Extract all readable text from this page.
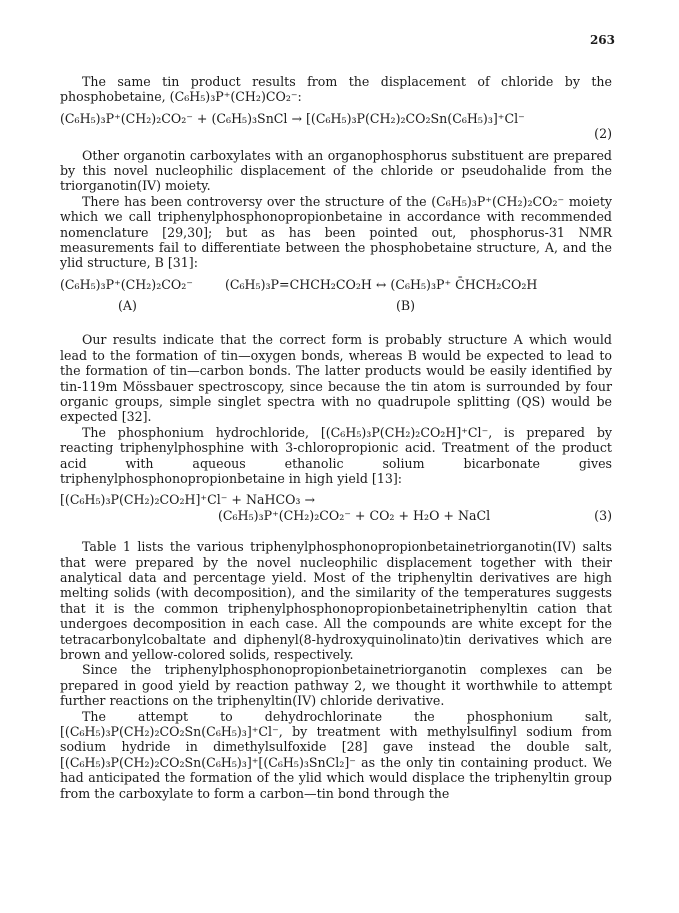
263

The same tin product results from the displacement of chloride by the phosphobetaine, (C₆H₅)₃P⁺(CH₂)CO₂⁻:

(C₆H₅)₃P⁺(CH₂)₂CO₂⁻ + (C₆H₅)₃SnCl → [(C₆H₅)₃P(CH₂)₂CO₂Sn(C₆H₅)₃]⁺Cl⁻
(2)

Other organotin carboxylates with an organophosphorus substituent are prepared by this novel nucleophilic displacement of the chloride or pseudohalide from the triorganotin(IV) moiety.

There has been controversy over the structure of the (C₆H₅)₃P⁺(CH₂)₂CO₂⁻ moiety which we call triphenylphosphonopropionbetaine in accordance with recommended nomenclature [29,30]; but as has been pointed out, phosphorus-31 NMR measurements fail to differentiate between the phosphobetaine structure, A, and the ylid structure, B [31]:

(C₆H₅)₃P⁺(CH₂)₂CO₂⁻	(C₆H₅)₃P=CHCH₂CO₂H ↔ (C₆H₅)₃P⁺ C̄HCH₂CO₂H
(A)	(B)

Our results indicate that the correct form is probably structure A which would lead to the formation of tin—oxygen bonds, whereas B would be expected to lead to the formation of tin—carbon bonds. The latter products would be easily identified by tin-119m Mössbauer spectroscopy, since because the tin atom is surrounded by four organic groups, simple singlet spectra with no quadrupole splitting (QS) would be expected [32].

The phosphonium hydrochloride, [(C₆H₅)₃P(CH₂)₂CO₂H]⁺Cl⁻, is prepared by reacting triphenylphosphine with 3-chloropropionic acid. Treatment of the product acid with aqueous ethanolic solium bicarbonate gives triphenylphosphonopropionbetaine in high yield [13]:

[(C₆H₅)₃P(CH₂)₂CO₂H]⁺Cl⁻ + NaHCO₃ →
(C₆H₅)₃P⁺(CH₂)₂CO₂⁻ + CO₂ + H₂O + NaCl	(3)

Table 1 lists the various triphenylphosphonopropionbetainetriorganotin(IV) salts that were prepared by the novel nucleophilic displacement together with their analytical data and percentage yield. Most of the triphenyltin derivatives are high melting solids (with decomposition), and the similarity of the temperatures suggests that it is the common triphenylphosphonopropionbetainetriphenyltin cation that undergoes decomposition in each case. All the compounds are white except for the tetracarbonylcobaltate and diphenyl(8-hydroxyquinolinato)tin derivatives which are brown and yellow-colored solids, respectively.

Since the triphenylphosphonopropionbetainetriorganotin complexes can be prepared in good yield by reaction pathway 2, we thought it worthwhile to attempt further reactions on the triphenyltin(IV) chloride derivative.

The attempt to dehydrochlorinate the phosphonium salt, [(C₆H₅)₃P(CH₂)₂CO₂Sn(C₆H₅)₃]⁺Cl⁻, by treatment with methylsulfinyl sodium from sodium hydride in dimethylsulfoxide [28] gave instead the double salt, [(C₆H₅)₃P(CH₂)₂CO₂Sn(C₆H₅)₃]⁺[(C₆H₅)₃SnCl₂]⁻ as the only tin containing product. We had anticipated the formation of the ylid which would displace the triphenyltin group from the carboxylate to form a carbon—tin bond through the
